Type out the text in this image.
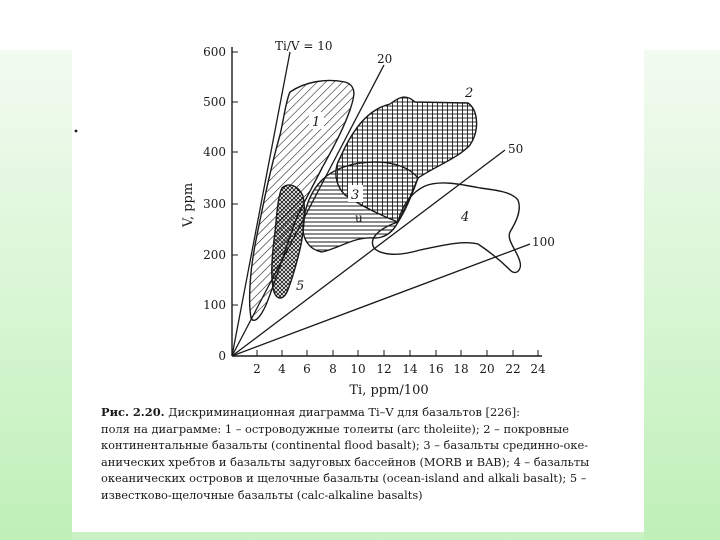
0
100
200
300
400
500
600
2 4 6 8 10 12 14 16 18 20 22 24
V, ppm
Ti, ppm/100
Ti/V = 10
20
50
100
1
2
3
4
5
u
Рис. 2.20. Дискриминационная диаграмма Ti–V для базальтов [226]:
поля на диаграмме: 1 – островодужные толеиты (arc tholeiite); 2 – покровные
континентальные базальты (continental flood basalt); 3 – базальты срединно-оке-
анических хребтов и базальты задуговых бассейнов (MORB и BAB); 4 – базальты
океанических островов и щелочные базальты (ocean-island and alkali basalt); 5 –
известково-щелочные базальты (calc-alkaline basalts)
